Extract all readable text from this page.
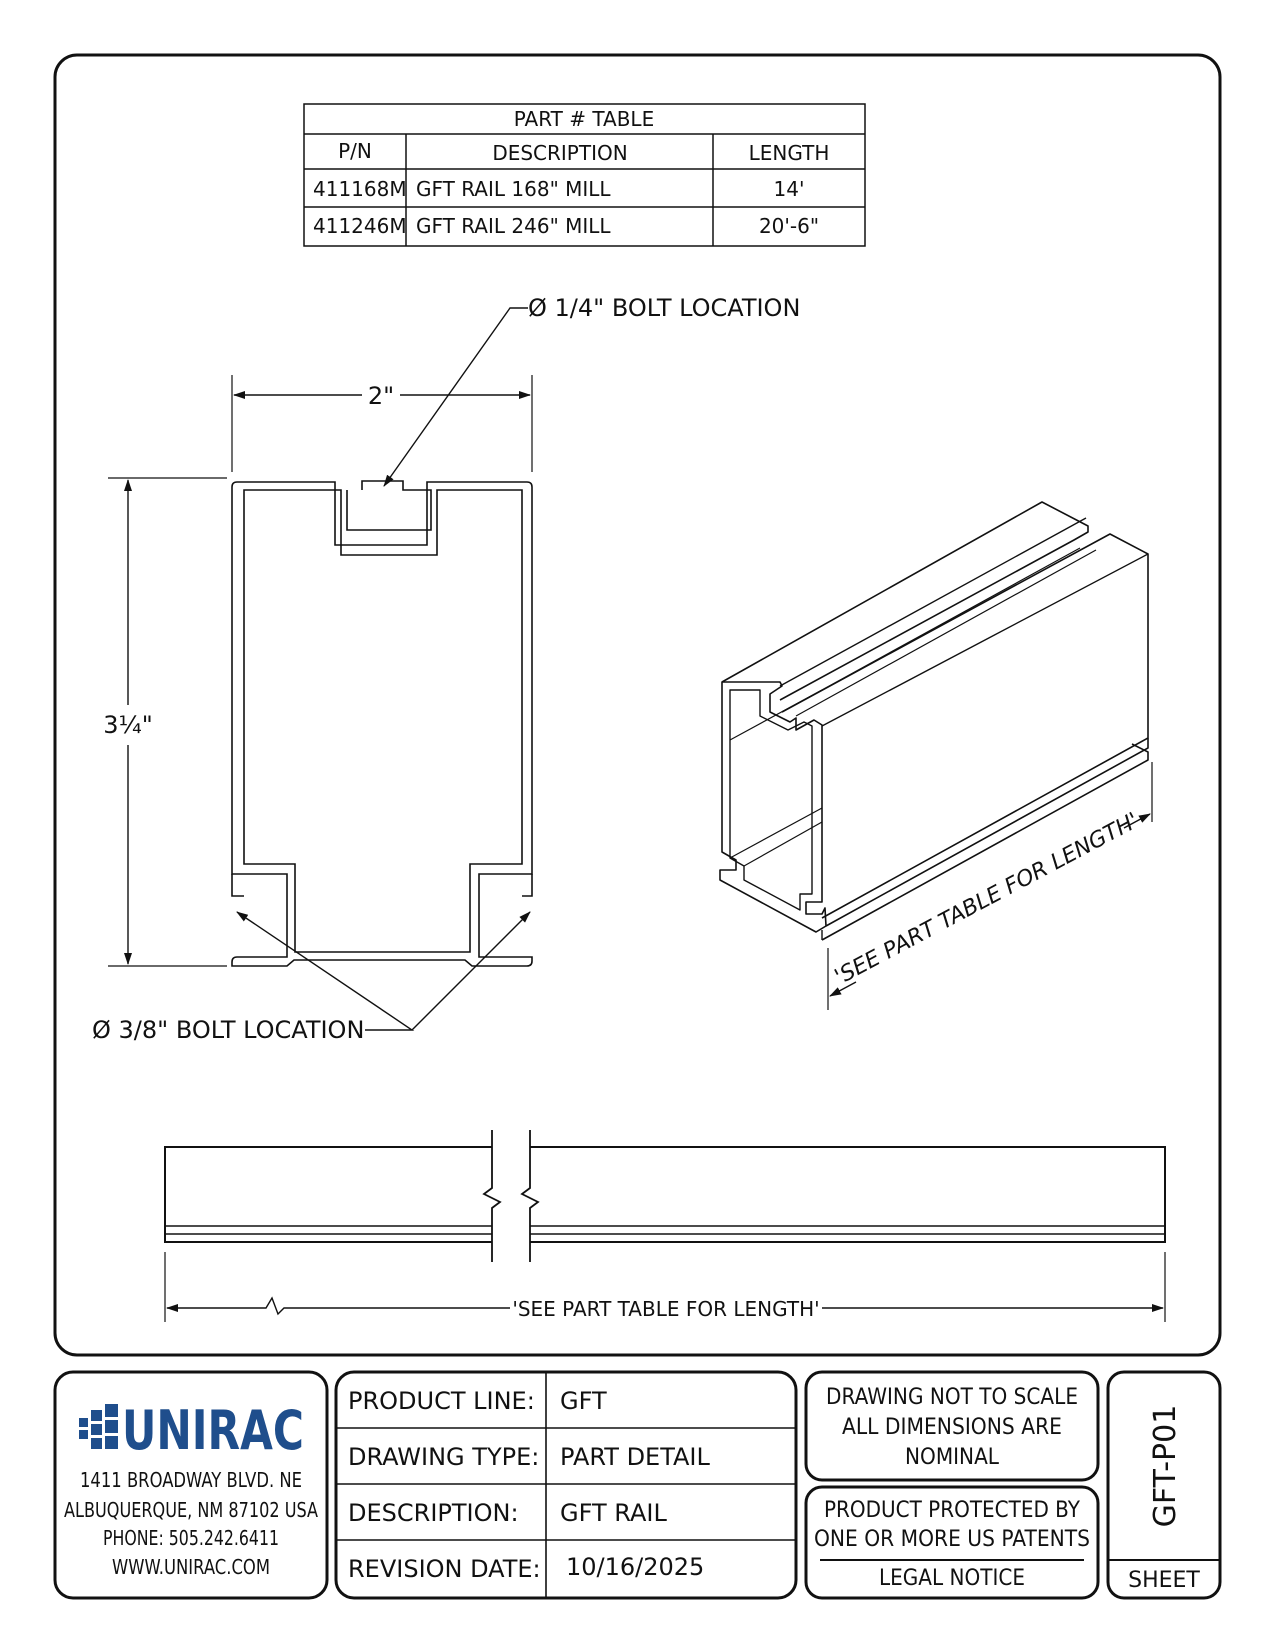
PART # TABLE
P/N	DESCRIPTION	LENGTH
411168M GFT RAIL 168" MILL	14'
411246M GFT RAIL 246" MILL	20'-6"
2"
3¼"
Ø 1/4" BOLT LOCATION
Ø 3/8" BOLT LOCATION
'SEE PART TABLE FOR LENGTH'
'SEE PART TABLE FOR LENGTH'
UNIRAC
1411 BROADWAY BLVD. NE
ALBUQUERQUE, NM 87102 USA
PHONE: 505.242.6411
WWW.UNIRAC.COM
PRODUCT LINE: GFT
DRAWING TYPE: PART DETAIL
DESCRIPTION: GFT RAIL
REVISION DATE: 10/16/2025
DRAWING NOT TO SCALE
ALL DIMENSIONS ARE
NOMINAL
PRODUCT PROTECTED BY
ONE OR MORE US PATENTS
LEGAL NOTICE
GFT-P01
SHEET
